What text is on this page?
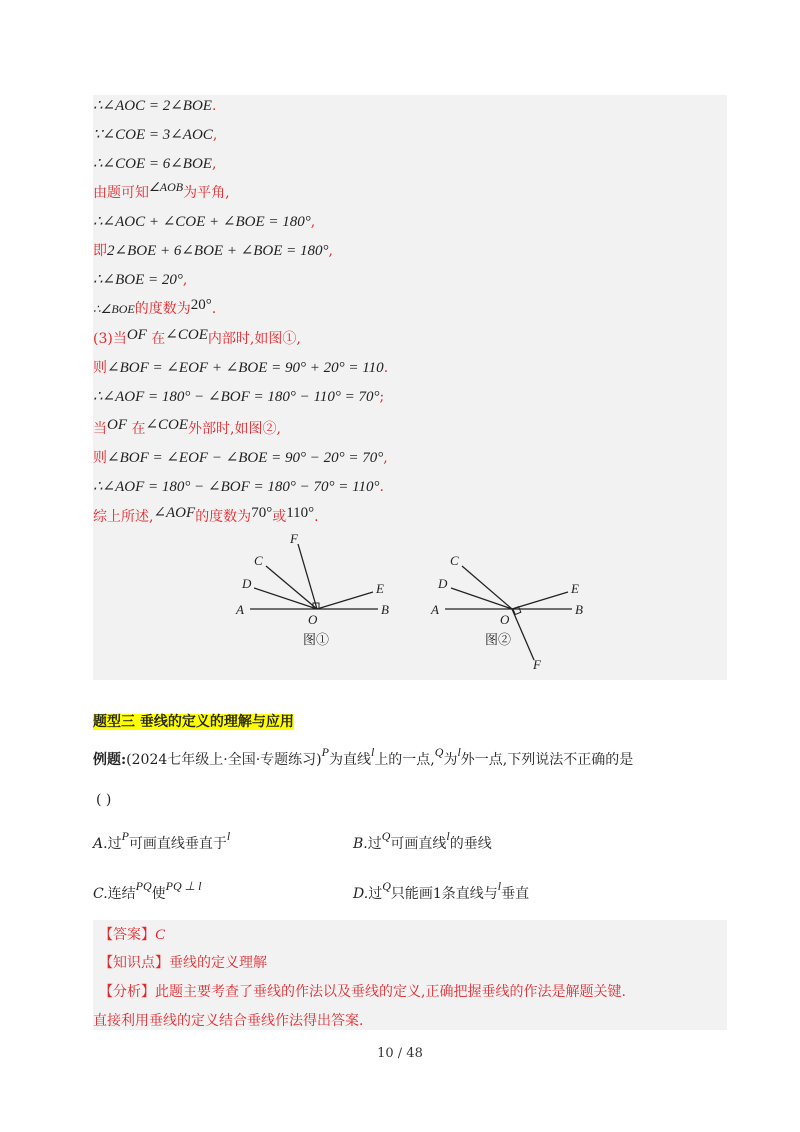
∴∠AOC = 2∠BOE.
∵∠COE = 3∠AOC,
∴∠COE = 6∠BOE,
由题可知∠AOB为平角,
∴∠AOC + ∠COE + ∠BOE = 180°,
即2∠BOE + 6∠BOE + ∠BOE = 180°,
∴∠BOE = 20°,
∴∠BOE的度数为20°.
(3)当OF 在∠COE内部时,如图①,
则∠BOF = ∠EOF + ∠BOE = 90° + 20° = 110.
∴∠AOF = 180° − ∠BOF = 180° − 110° = 70°;
当OF 在∠COE外部时,如图②,
则∠BOF = ∠EOF − ∠BOE = 90° − 20° = 70°,
∴∠AOF = 180° − ∠BOF = 180° − 70° = 110°.
综上所述,∠AOF的度数为70°或110°.
A	B
C
D	E
F
O
图①
A	B
C
D	E
F
O
图②
题型三 垂线的定义的理解与应用
例题:(2024七年级上·全国·专题练习)P为直线l上的一点,Q为l外一点,下列说法不正确的是
( )
A.过P可画直线垂直于l	B.过Q可画直线l的垂线
C.连结PQ使PQ ⊥ l	D.过Q只能画1条直线与l垂直
【答案】C
【知识点】垂线的定义理解
【分析】此题主要考查了垂线的作法以及垂线的定义,正确把握垂线的作法是解题关键.
直接利用垂线的定义结合垂线作法得出答案.
10 / 48
